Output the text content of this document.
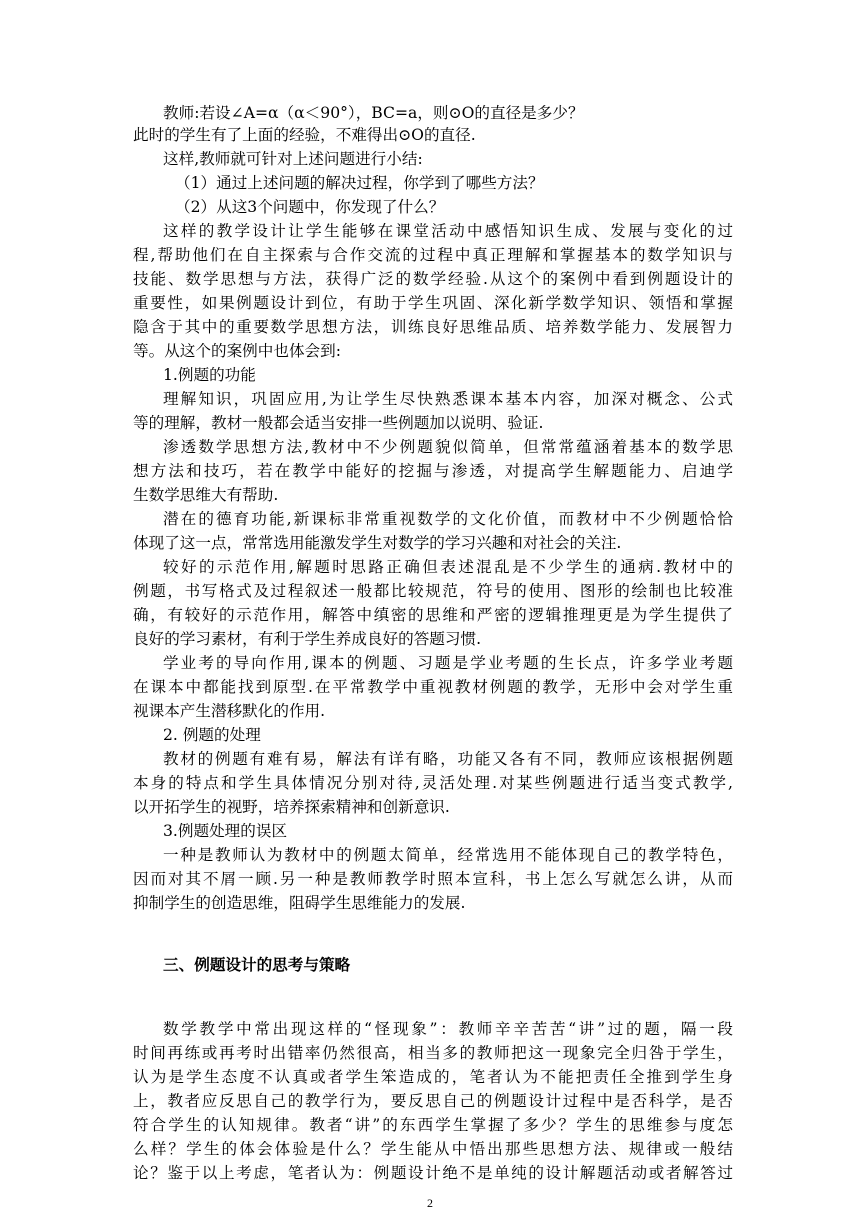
教师:若设∠A=α（α＜90°），BC=a，则⊙O的直径是多少？
此时的学生有了上面的经验，不难得出⊙O的直径.
这样,教师就可针对上述问题进行小结:
（1）通过上述问题的解决过程，你学到了哪些方法？
（2）从这3个问题中，你发现了什么？
这样的教学设计让学生能够在课堂活动中感悟知识生成、发展与变化的过
程,帮助他们在自主探索与合作交流的过程中真正理解和掌握基本的数学知识与
技能、数学思想与方法，获得广泛的数学经验.从这个的案例中看到例题设计的
重要性，如果例题设计到位，有助于学生巩固、深化新学数学知识、领悟和掌握
隐含于其中的重要数学思想方法，训练良好思维品质、培养数学能力、发展智力
等。从这个的案例中也体会到:
1.例题的功能
理解知识，巩固应用,为让学生尽快熟悉课本基本内容，加深对概念、公式
等的理解，教材一般都会适当安排一些例题加以说明、验证.
渗透数学思想方法,教材中不少例题貌似简单，但常常蕴涵着基本的数学思
想方法和技巧，若在教学中能好的挖掘与渗透，对提高学生解题能力、启迪学
生数学思维大有帮助.
潜在的德育功能,新课标非常重视数学的文化价值，而教材中不少例题恰恰
体现了这一点，常常选用能激发学生对数学的学习兴趣和对社会的关注.
较好的示范作用,解题时思路正确但表述混乱是不少学生的通病.教材中的
例题，书写格式及过程叙述一般都比较规范，符号的使用、图形的绘制也比较准
确，有较好的示范作用，解答中缜密的思维和严密的逻辑推理更是为学生提供了
良好的学习素材，有利于学生养成良好的答题习惯.
学业考的导向作用,课本的例题、习题是学业考题的生长点，许多学业考题
在课本中都能找到原型.在平常教学中重视教材例题的教学，无形中会对学生重
视课本产生潜移默化的作用.
2. 例题的处理
教材的例题有难有易，解法有详有略，功能又各有不同，教师应该根据例题
本身的特点和学生具体情况分别对待,灵活处理.对某些例题进行适当变式教学,
以开拓学生的视野，培养探索精神和创新意识.
3.例题处理的误区
一种是教师认为教材中的例题太简单，经常选用不能体现自己的教学特色，
因而对其不屑一顾.另一种是教师教学时照本宣科，书上怎么写就怎么讲，从而
抑制学生的创造思维，阻碍学生思维能力的发展.
三、例题设计的思考与策略
数学教学中常出现这样的“怪现象”：教师辛辛苦苦“讲”过的题，隔一段
时间再练或再考时出错率仍然很高，相当多的教师把这一现象完全归咎于学生，
认为是学生态度不认真或者学生笨造成的，笔者认为不能把责任全推到学生身
上，教者应反思自己的教学行为，要反思自己的例题设计过程中是否科学，是否
符合学生的认知规律。教者“讲”的东西学生掌握了多少？学生的思维参与度怎
么样？学生的体会体验是什么？学生能从中悟出那些思想方法、规律或一般结
论？鉴于以上考虑，笔者认为：例题设计绝不是单纯的设计解题活动或者解答过
2
